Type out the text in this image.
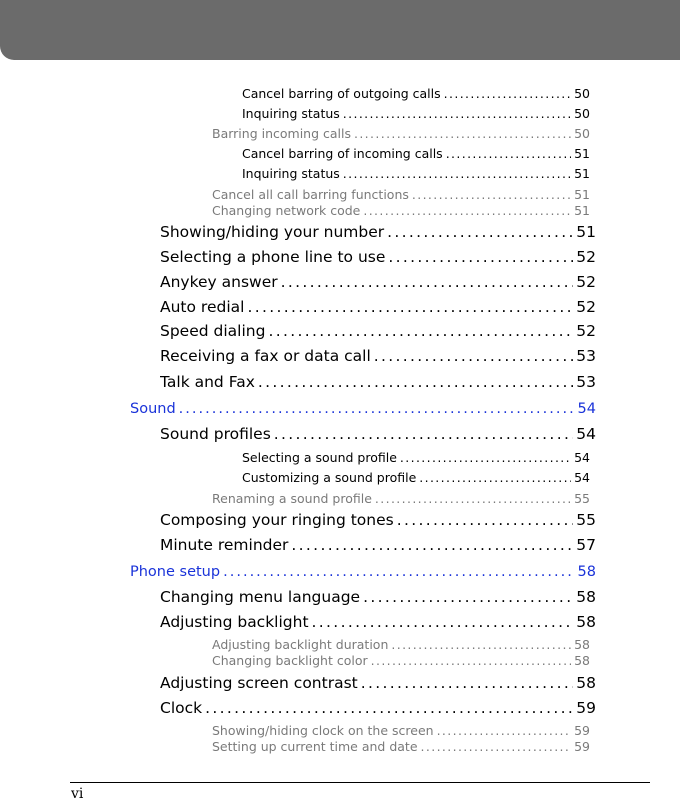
Cancel barring of outgoing calls . . .	50
Inquiring status . . .	50
Barring incoming calls . . .	50
Cancel barring of incoming calls . . .	51
Inquiring status . . .	51
Cancel all call barring functions . . .	51
Changing network code . . .	51
Showing/hiding your number . . .	51
Selecting a phone line to use . . .	52
Anykey answer . . .	52
Auto redial . . .	52
Speed dialing . . .	52
Receiving a fax or data call . . .	53
Talk and Fax . . .	53
Sound . . .	54
Sound profiles . . .	54
Selecting a sound profile . . .	54
Customizing a sound profile . . .	54
Renaming a sound profile . . .	55
Composing your ringing tones . . .	55
Minute reminder . . .	57
Phone setup . . .	58
Changing menu language . . .	58
Adjusting backlight . . .	58
Adjusting backlight duration . . .	58
Changing backlight color . . .	58
Adjusting screen contrast . . .	58
Clock . . .	59
Showing/hiding clock on the screen . . .	59
Setting up current time and date . . .	59
vi
